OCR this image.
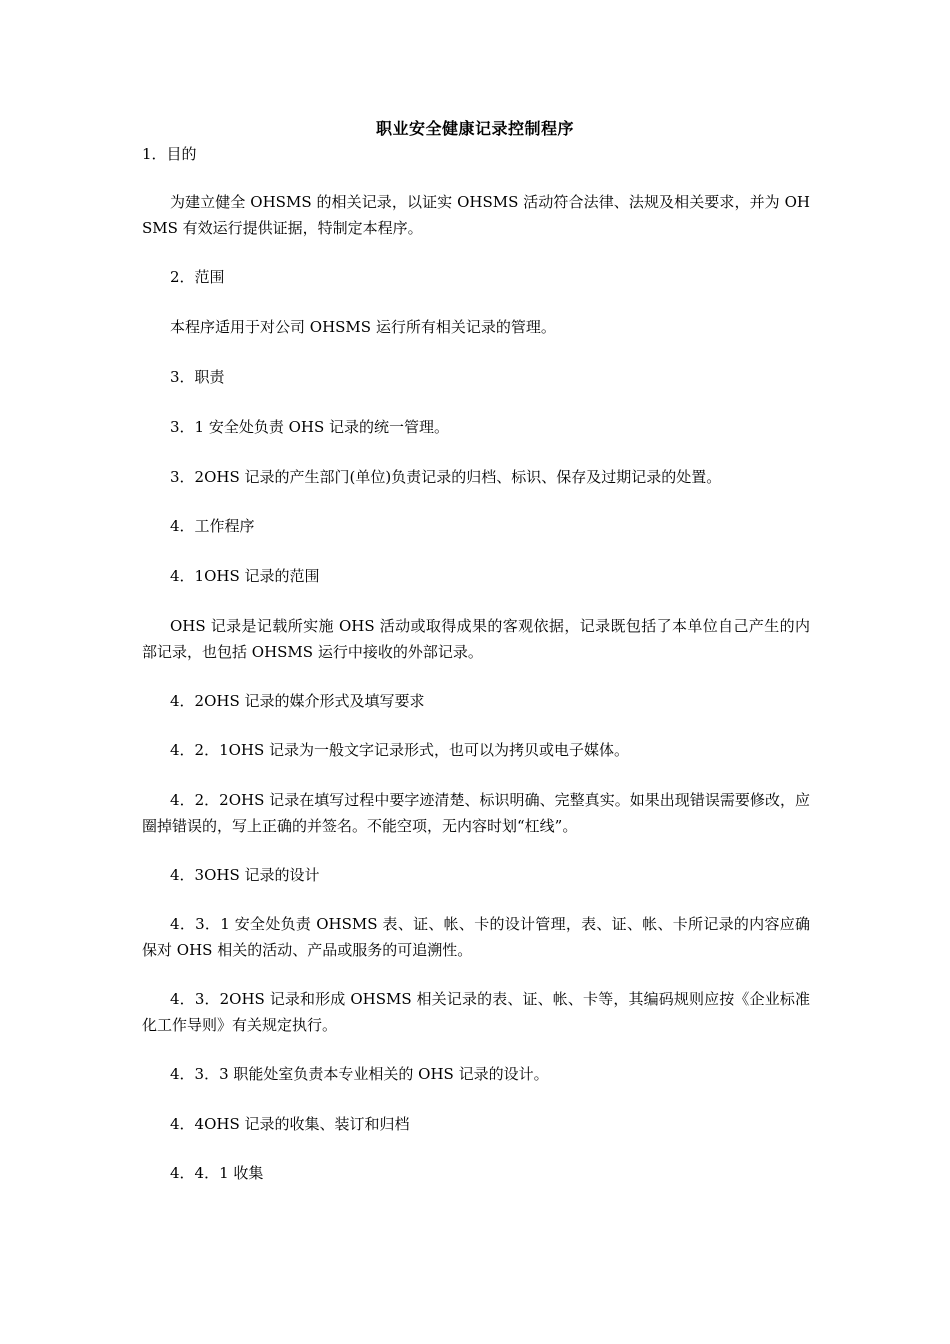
职业安全健康记录控制程序
1．目的
为建立健全 OHSMS 的相关记录，以证实 OHSMS 活动符合法律、法规及相关要求，并为 OHSMS 有效运行提供证据，特制定本程序。
2．范围
本程序适用于对公司 OHSMS 运行所有相关记录的管理。
3．职责
3．1 安全处负责 OHS 记录的统一管理。
3．2OHS 记录的产生部门(单位)负责记录的归档、标识、保存及过期记录的处置。
4．工作程序
4．1OHS 记录的范围
OHS 记录是记载所实施 OHS 活动或取得成果的客观依据，记录既包括了本单位自己产生的内部记录，也包括 OHSMS 运行中接收的外部记录。
4．2OHS 记录的媒介形式及填写要求
4．2．1OHS 记录为一般文字记录形式，也可以为拷贝或电子媒体。
4．2．2OHS 记录在填写过程中要字迹清楚、标识明确、完整真实。如果出现错误需要修改，应圈掉错误的，写上正确的并签名。不能空项，无内容时划“杠线”。
4．3OHS 记录的设计
4．3．1 安全处负责 OHSMS 表、证、帐、卡的设计管理，表、证、帐、卡所记录的内容应确保对 OHS 相关的活动、产品或服务的可追溯性。
4．3．2OHS 记录和形成 OHSMS 相关记录的表、证、帐、卡等，其编码规则应按《企业标准化工作导则》有关规定执行。
4．3．3 职能处室负责本专业相关的 OHS 记录的设计。
4．4OHS 记录的收集、装订和归档
4．4．1 收集
